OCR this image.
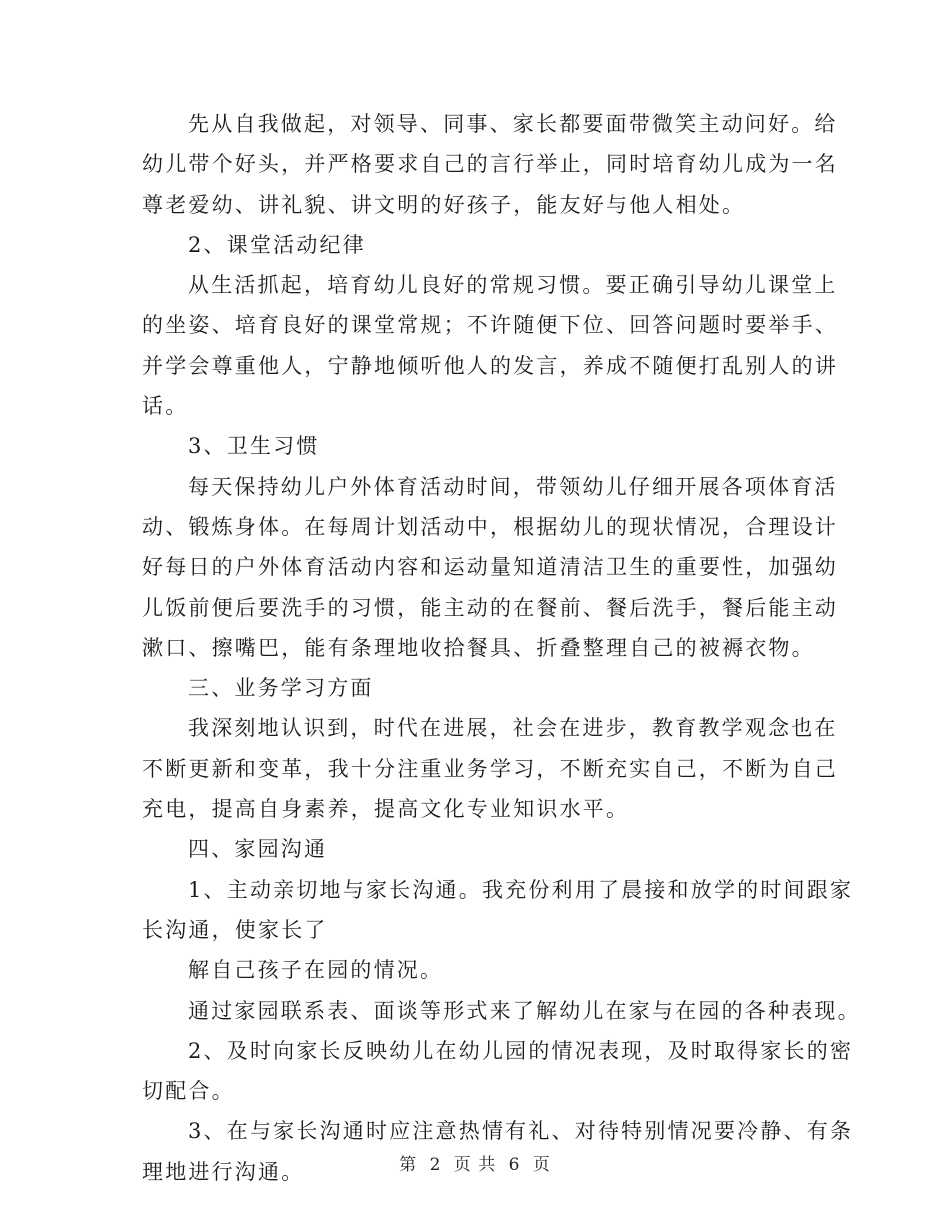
先从自我做起，对领导、同事、家长都要面带微笑主动问好。给
幼儿带个好头，并严格要求自己的言行举止，同时培育幼儿成为一名
尊老爱幼、讲礼貌、讲文明的好孩子，能友好与他人相处。
2、课堂活动纪律
从生活抓起，培育幼儿良好的常规习惯。要正确引导幼儿课堂上
的坐姿、培育良好的课堂常规；不许随便下位、回答问题时要举手、
并学会尊重他人，宁静地倾听他人的发言，养成不随便打乱别人的讲
话。
3、卫生习惯
每天保持幼儿户外体育活动时间，带领幼儿仔细开展各项体育活
动、锻炼身体。在每周计划活动中，根据幼儿的现状情况，合理设计
好每日的户外体育活动内容和运动量知道清洁卫生的重要性，加强幼
儿饭前便后要洗手的习惯，能主动的在餐前、餐后洗手，餐后能主动
漱口、擦嘴巴，能有条理地收拾餐具、折叠整理自己的被褥衣物。
三、业务学习方面
我深刻地认识到，时代在进展，社会在进步，教育教学观念也在
不断更新和变革，我十分注重业务学习，不断充实自己，不断为自己
充电，提高自身素养，提高文化专业知识水平。
四、家园沟通
1、主动亲切地与家长沟通。我充份利用了晨接和放学的时间跟家
长沟通，使家长了
解自己孩子在园的情况。
通过家园联系表、面谈等形式来了解幼儿在家与在园的各种表现。
2、及时向家长反映幼儿在幼儿园的情况表现，及时取得家长的密
切配合。
3、在与家长沟通时应注意热情有礼、对待特别情况要冷静、有条
理地进行沟通。	第 2 页 共 6 页
